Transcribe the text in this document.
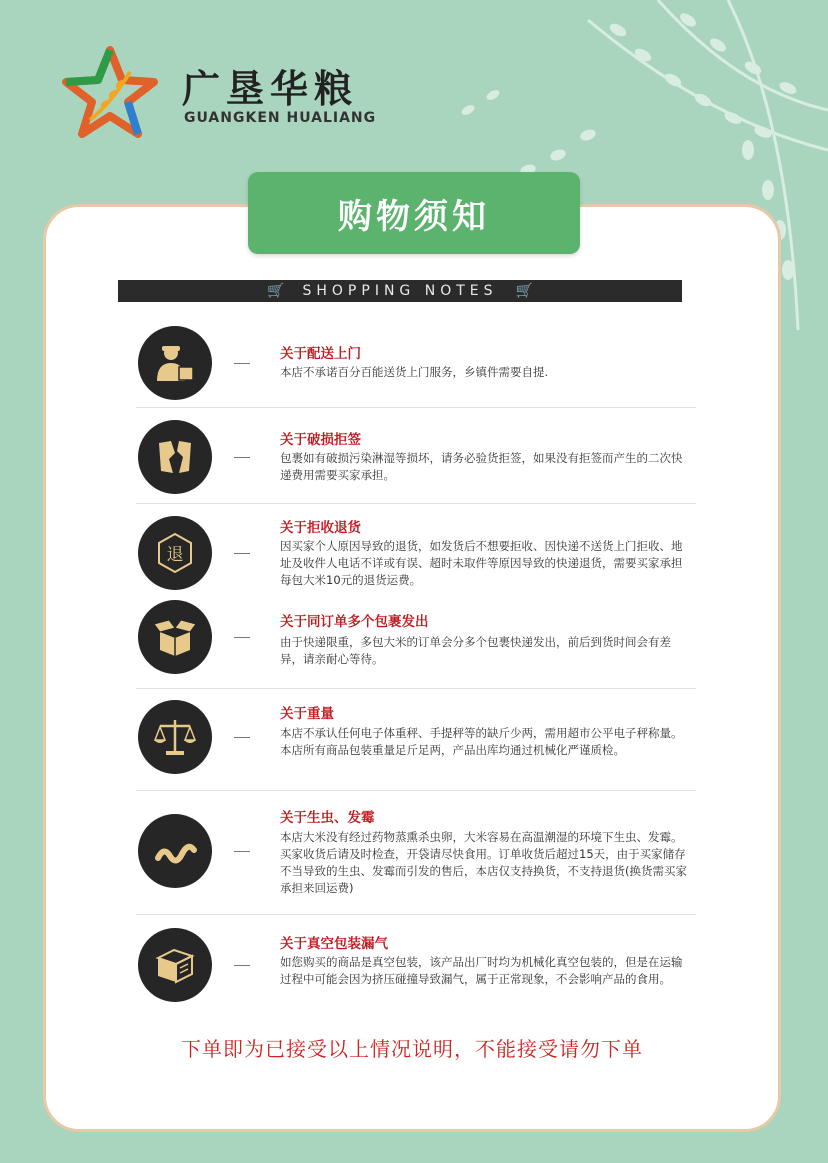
广垦华粮
GUANGKEN HUALIANG
购物须知
🛒 SHOPPING NOTES 🛒
关于配送上门
本店不承诺百分百能送货上门服务，乡镇件需要自提.
关于破损拒签
包裹如有破损污染淋湿等损坏，请务必验货拒签，如果没有拒签而产生的二次快递费用需要买家承担。
退
关于拒收退货
因买家个人原因导致的退货，如发货后不想要拒收、因快递不送货上门拒收、地址及收件人电话不详或有误、超时未取件等原因导致的快递退货，需要买家承担每包大米10元的退货运费。
关于同订单多个包裹发出
由于快递限重，多包大米的订单会分多个包裹快递发出，前后到货时间会有差异，请亲耐心等待。
关于重量
本店不承认任何电子体重秤、手提秤等的缺斤少两，需用超市公平电子秤称量。本店所有商品包装重量足斤足两，产品出库均通过机械化严谨质检。
关于生虫、发霉
本店大米没有经过药物蒸熏杀虫卵，大米容易在高温潮湿的环境下生虫、发霉。买家收货后请及时检查，开袋请尽快食用。订单收货后超过15天，由于买家储存不当导致的生虫、发霉而引发的售后，本店仅支持换货，不支持退货(换货需买家承担来回运费)
关于真空包装漏气
如您购买的商品是真空包装，该产品出厂时均为机械化真空包装的，但是在运输过程中可能会因为挤压碰撞导致漏气，属于正常现象，不会影响产品的食用。
下单即为已接受以上情况说明，不能接受请勿下单
